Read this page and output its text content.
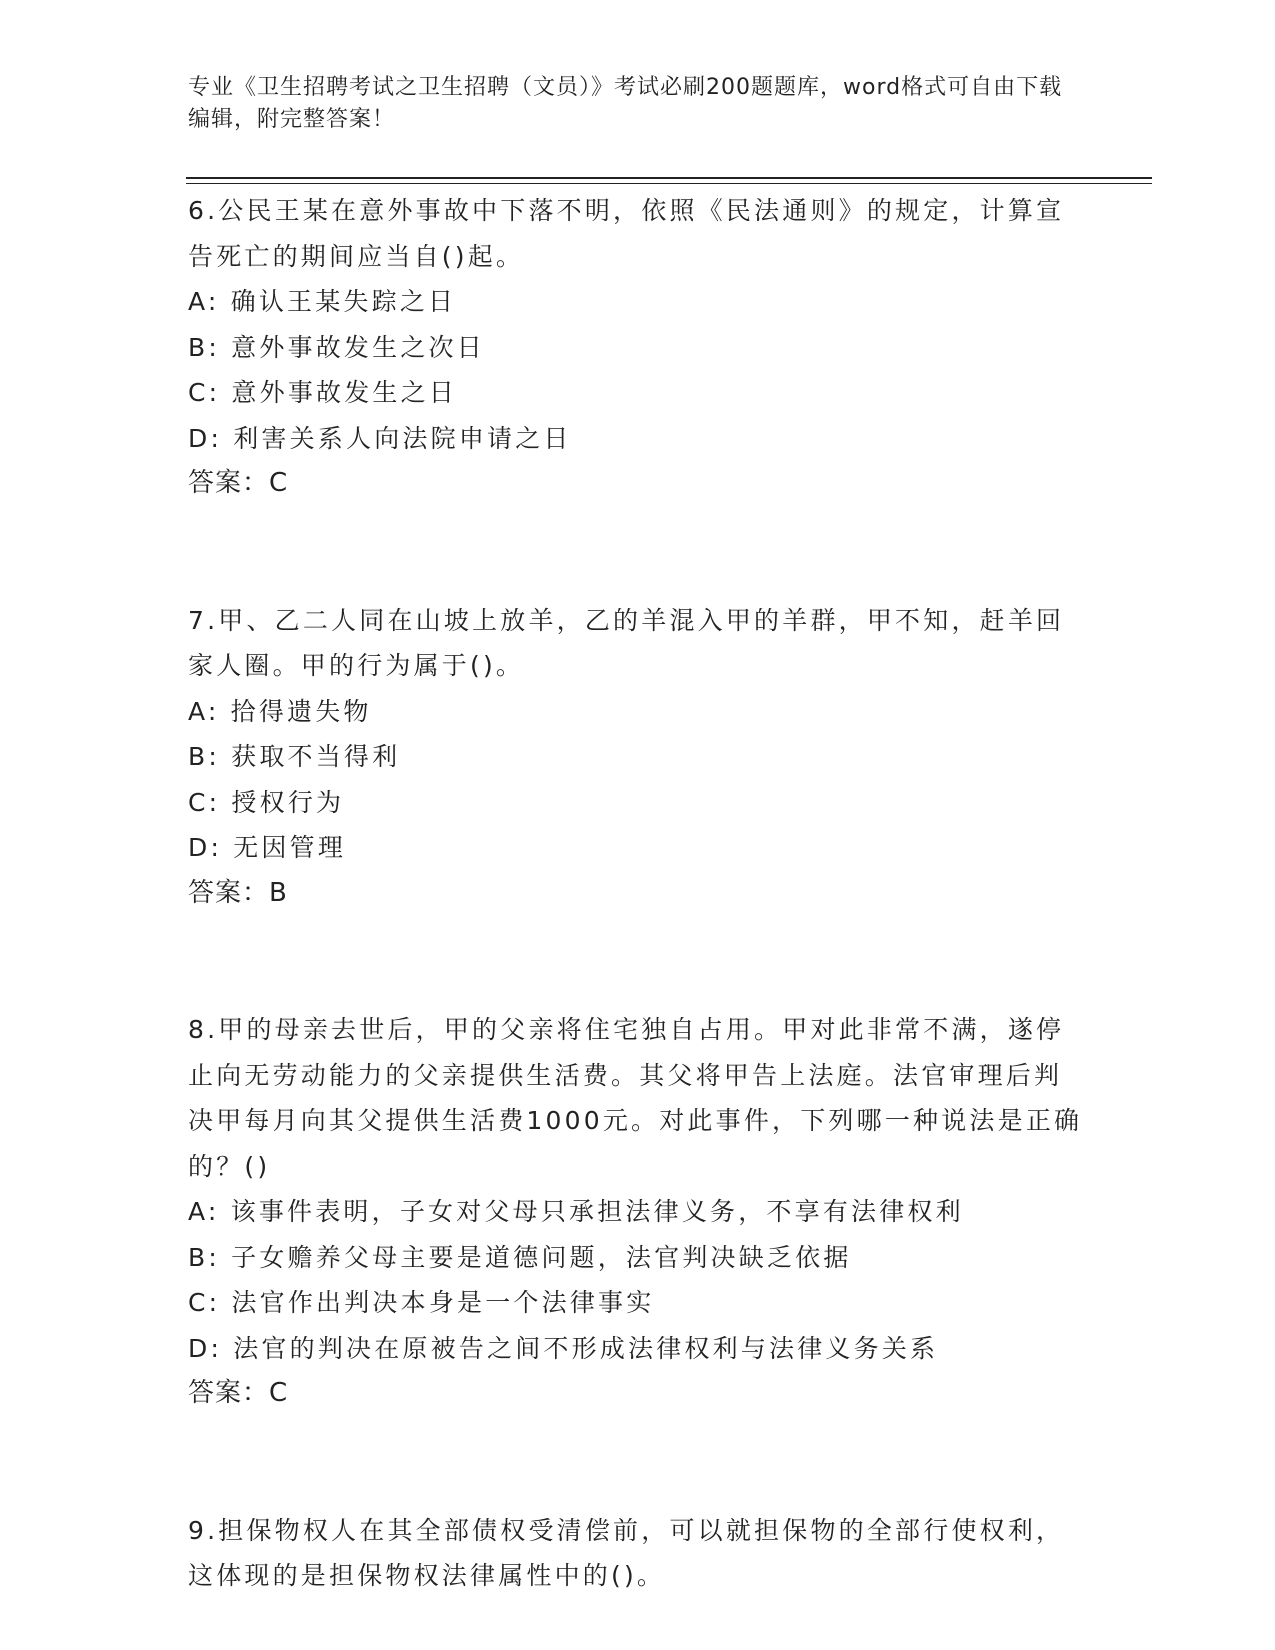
专业《卫生招聘考试之卫生招聘（文员）》考试必刷200题题库，word格式可自由下载编辑，附完整答案！

6.公民王某在意外事故中下落不明，依照《民法通则》的规定，计算宣告死亡的期间应当自()起。

A: 确认王某失踪之日

B: 意外事故发生之次日

C: 意外事故发生之日

D: 利害关系人向法院申请之日

答案：C

7.甲、乙二人同在山坡上放羊，乙的羊混入甲的羊群，甲不知，赶羊回家人圈。甲的行为属于()。

A: 拾得遗失物

B: 获取不当得利

C: 授权行为

D: 无因管理

答案：B

8.甲的母亲去世后，甲的父亲将住宅独自占用。甲对此非常不满，遂停止向无劳动能力的父亲提供生活费。其父将甲告上法庭。法官审理后判决甲每月向其父提供生活费1000元。对此事件，下列哪一种说法是正确的？()

A: 该事件表明，子女对父母只承担法律义务，不享有法律权利

B: 子女赡养父母主要是道德问题，法官判决缺乏依据

C: 法官作出判决本身是一个法律事实

D: 法官的判决在原被告之间不形成法律权利与法律义务关系

答案：C

9.担保物权人在其全部债权受清偿前，可以就担保物的全部行使权利，这体现的是担保物权法律属性中的()。
